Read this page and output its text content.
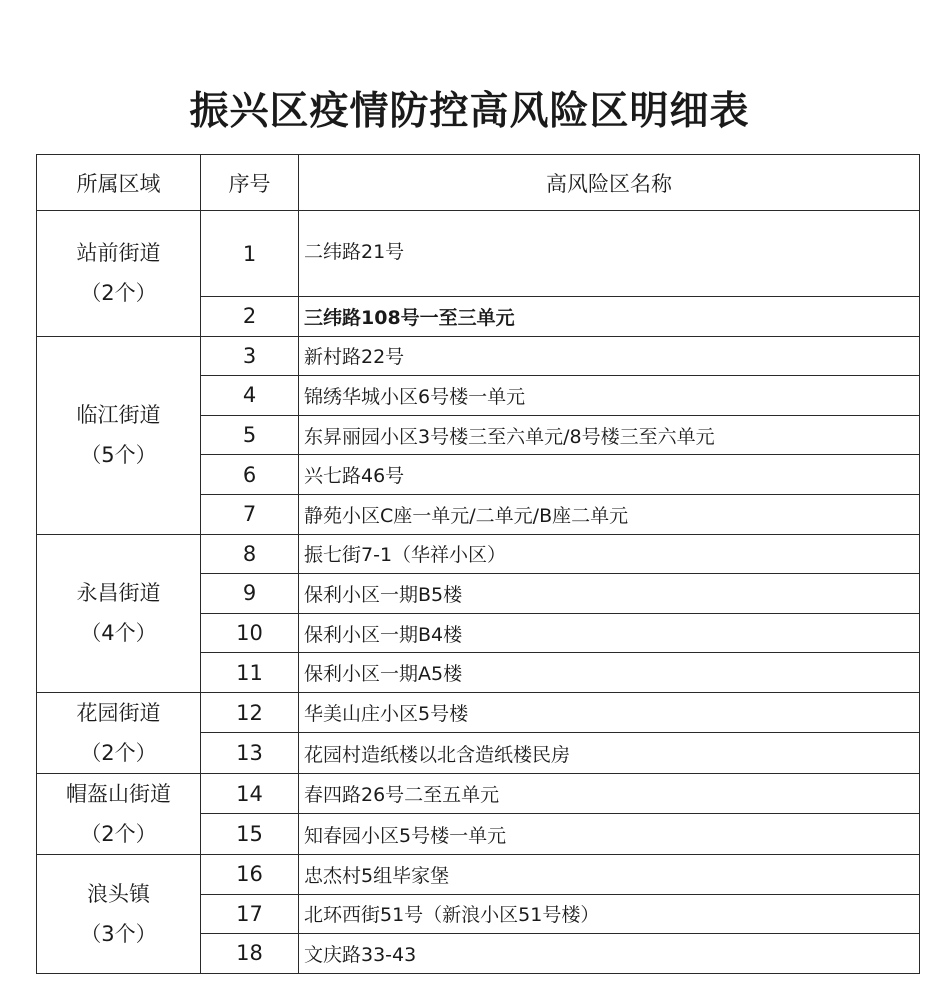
振兴区疫情防控高风险区明细表
所属区域	序号	高风险区名称

站前街道
（2个）	1	二纬路21号
	2	三纬路108号一至三单元

临江街道
（5个）	3	新村路22号
	4	锦绣华城小区6号楼一单元
	5	东昇丽园小区3号楼三至六单元/8号楼三至六单元
	6	兴七路46号
	7	静苑小区C座一单元/二单元/B座二单元

永昌街道
（4个）	8	振七街7-1（华祥小区）
	9	保利小区一期B5楼
	10	保利小区一期B4楼
	11	保利小区一期A5楼

花园街道
（2个）	12	华美山庄小区5号楼
	13	花园村造纸楼以北含造纸楼民房

帽盔山街道
（2个）	14	春四路26号二至五单元
	15	知春园小区5号楼一单元

浪头镇
（3个）	16	忠杰村5组毕家堡
	17	北环西街51号（新浪小区51号楼）
	18	文庆路33-43
